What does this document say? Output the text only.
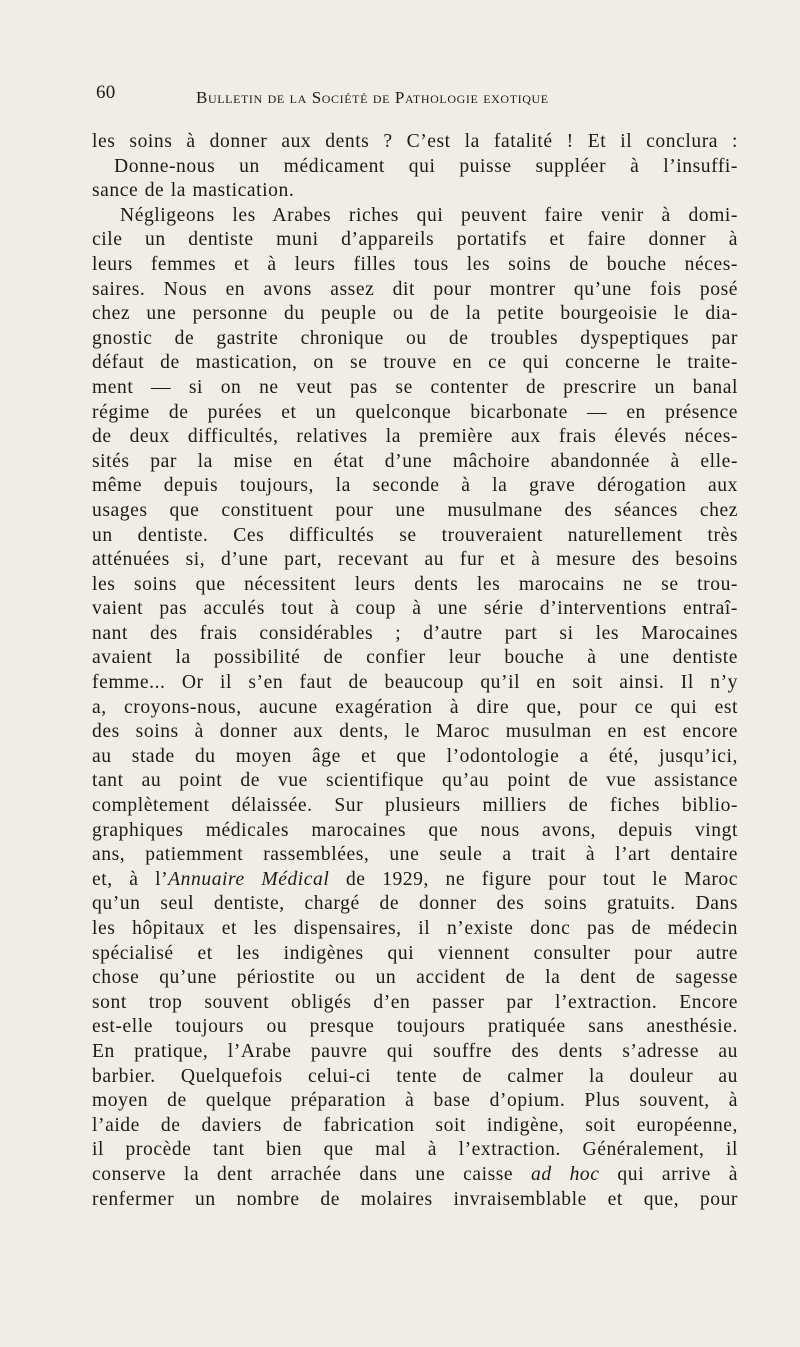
60	Bulletin de la Société de Pathologie exotique
les soins à donner aux dents ? C’est la fatalité ! Et il conclura :
Donne-nous un médicament qui puisse suppléer à l’insuffi-
sance de la mastication.
Négligeons les Arabes riches qui peuvent faire venir à domi-
cile un dentiste muni d’appareils portatifs et faire donner à
leurs femmes et à leurs filles tous les soins de bouche néces-
saires. Nous en avons assez dit pour montrer qu’une fois posé
chez une personne du peuple ou de la petite bourgeoisie le dia-
gnostic de gastrite chronique ou de troubles dyspeptiques par
défaut de mastication, on se trouve en ce qui concerne le traite-
ment — si on ne veut pas se contenter de prescrire un banal
régime de purées et un quelconque bicarbonate — en présence
de deux difficultés, relatives la première aux frais élevés néces-
sités par la mise en état d’une mâchoire abandonnée à elle-
même depuis toujours, la seconde à la grave dérogation aux
usages que constituent pour une musulmane des séances chez
un dentiste. Ces difficultés se trouveraient naturellement très
atténuées si, d’une part, recevant au fur et à mesure des besoins
les soins que nécessitent leurs dents les marocains ne se trou-
vaient pas acculés tout à coup à une série d’interventions entraî-
nant des frais considérables ; d’autre part si les Marocaines
avaient la possibilité de confier leur bouche à une dentiste
femme... Or il s’en faut de beaucoup qu’il en soit ainsi. Il n’y
a, croyons-nous, aucune exagération à dire que, pour ce qui est
des soins à donner aux dents, le Maroc musulman en est encore
au stade du moyen âge et que l’odontologie a été, jusqu’ici,
tant au point de vue scientifique qu’au point de vue assistance
complètement délaissée. Sur plusieurs milliers de fiches biblio-
graphiques médicales marocaines que nous avons, depuis vingt
ans, patiemment rassemblées, une seule a trait à l’art dentaire
et, à l’Annuaire Médical de 1929, ne figure pour tout le Maroc
qu’un seul dentiste, chargé de donner des soins gratuits. Dans
les hôpitaux et les dispensaires, il n’existe donc pas de médecin
spécialisé et les indigènes qui viennent consulter pour autre
chose qu’une périostite ou un accident de la dent de sagesse
sont trop souvent obligés d’en passer par l’extraction. Encore
est-elle toujours ou presque toujours pratiquée sans anesthésie.
En pratique, l’Arabe pauvre qui souffre des dents s’adresse au
barbier. Quelquefois celui-ci tente de calmer la douleur au
moyen de quelque préparation à base d’opium. Plus souvent, à
l’aide de daviers de fabrication soit indigène, soit européenne,
il procède tant bien que mal à l’extraction. Généralement, il
conserve la dent arrachée dans une caisse ad hoc qui arrive à
renfermer un nombre de molaires invraisemblable et que, pour
